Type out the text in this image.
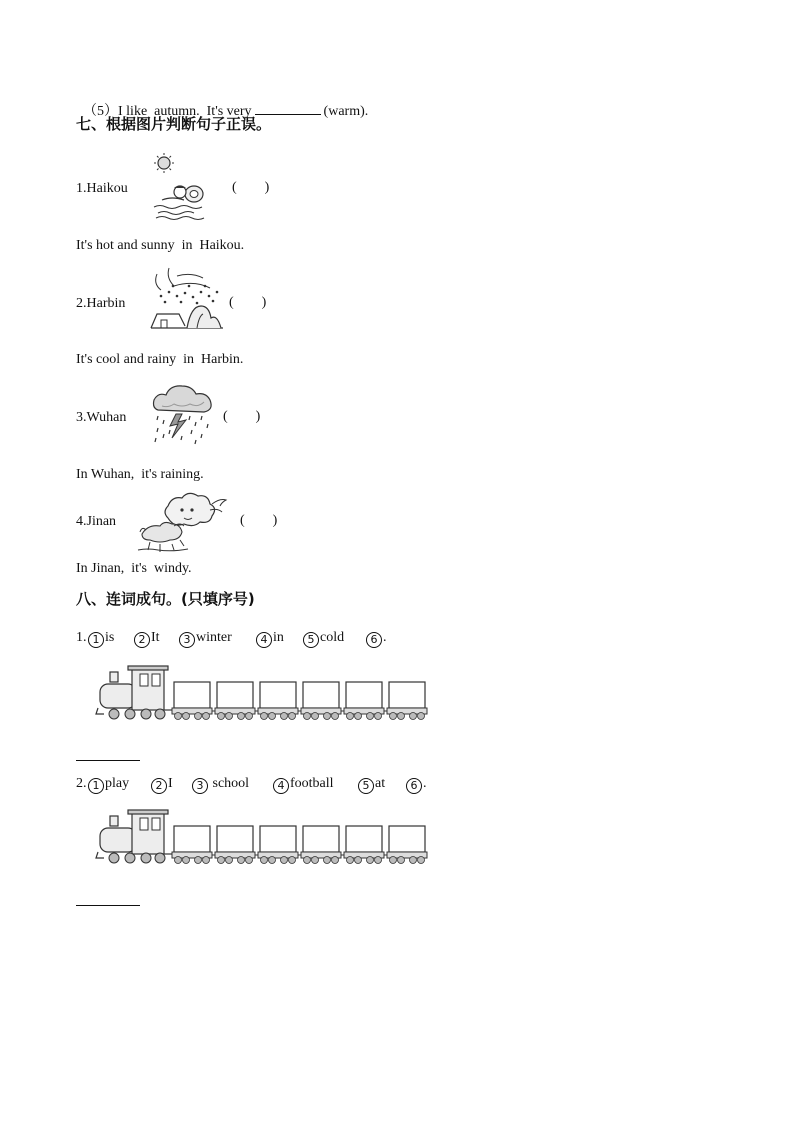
（5）I like  autumn.  It's very	(warm).

七、根据图片判断句子正误。
1.Haikou	(        )
It's hot and sunny  in  Haikou.
2.Harbin	(        )
It's cool and rainy  in  Harbin.
3.Wuhan	(        )
In Wuhan,  it's raining.
4.Jinan	(        )
In Jinan,  it's  windy.
八、连词成句。(只填序号)
1. 1 is	2 It	3 winter	4 in	5 cold	6 .
2. 1 play	2 I	3 school	4 football	5 at	6 .
